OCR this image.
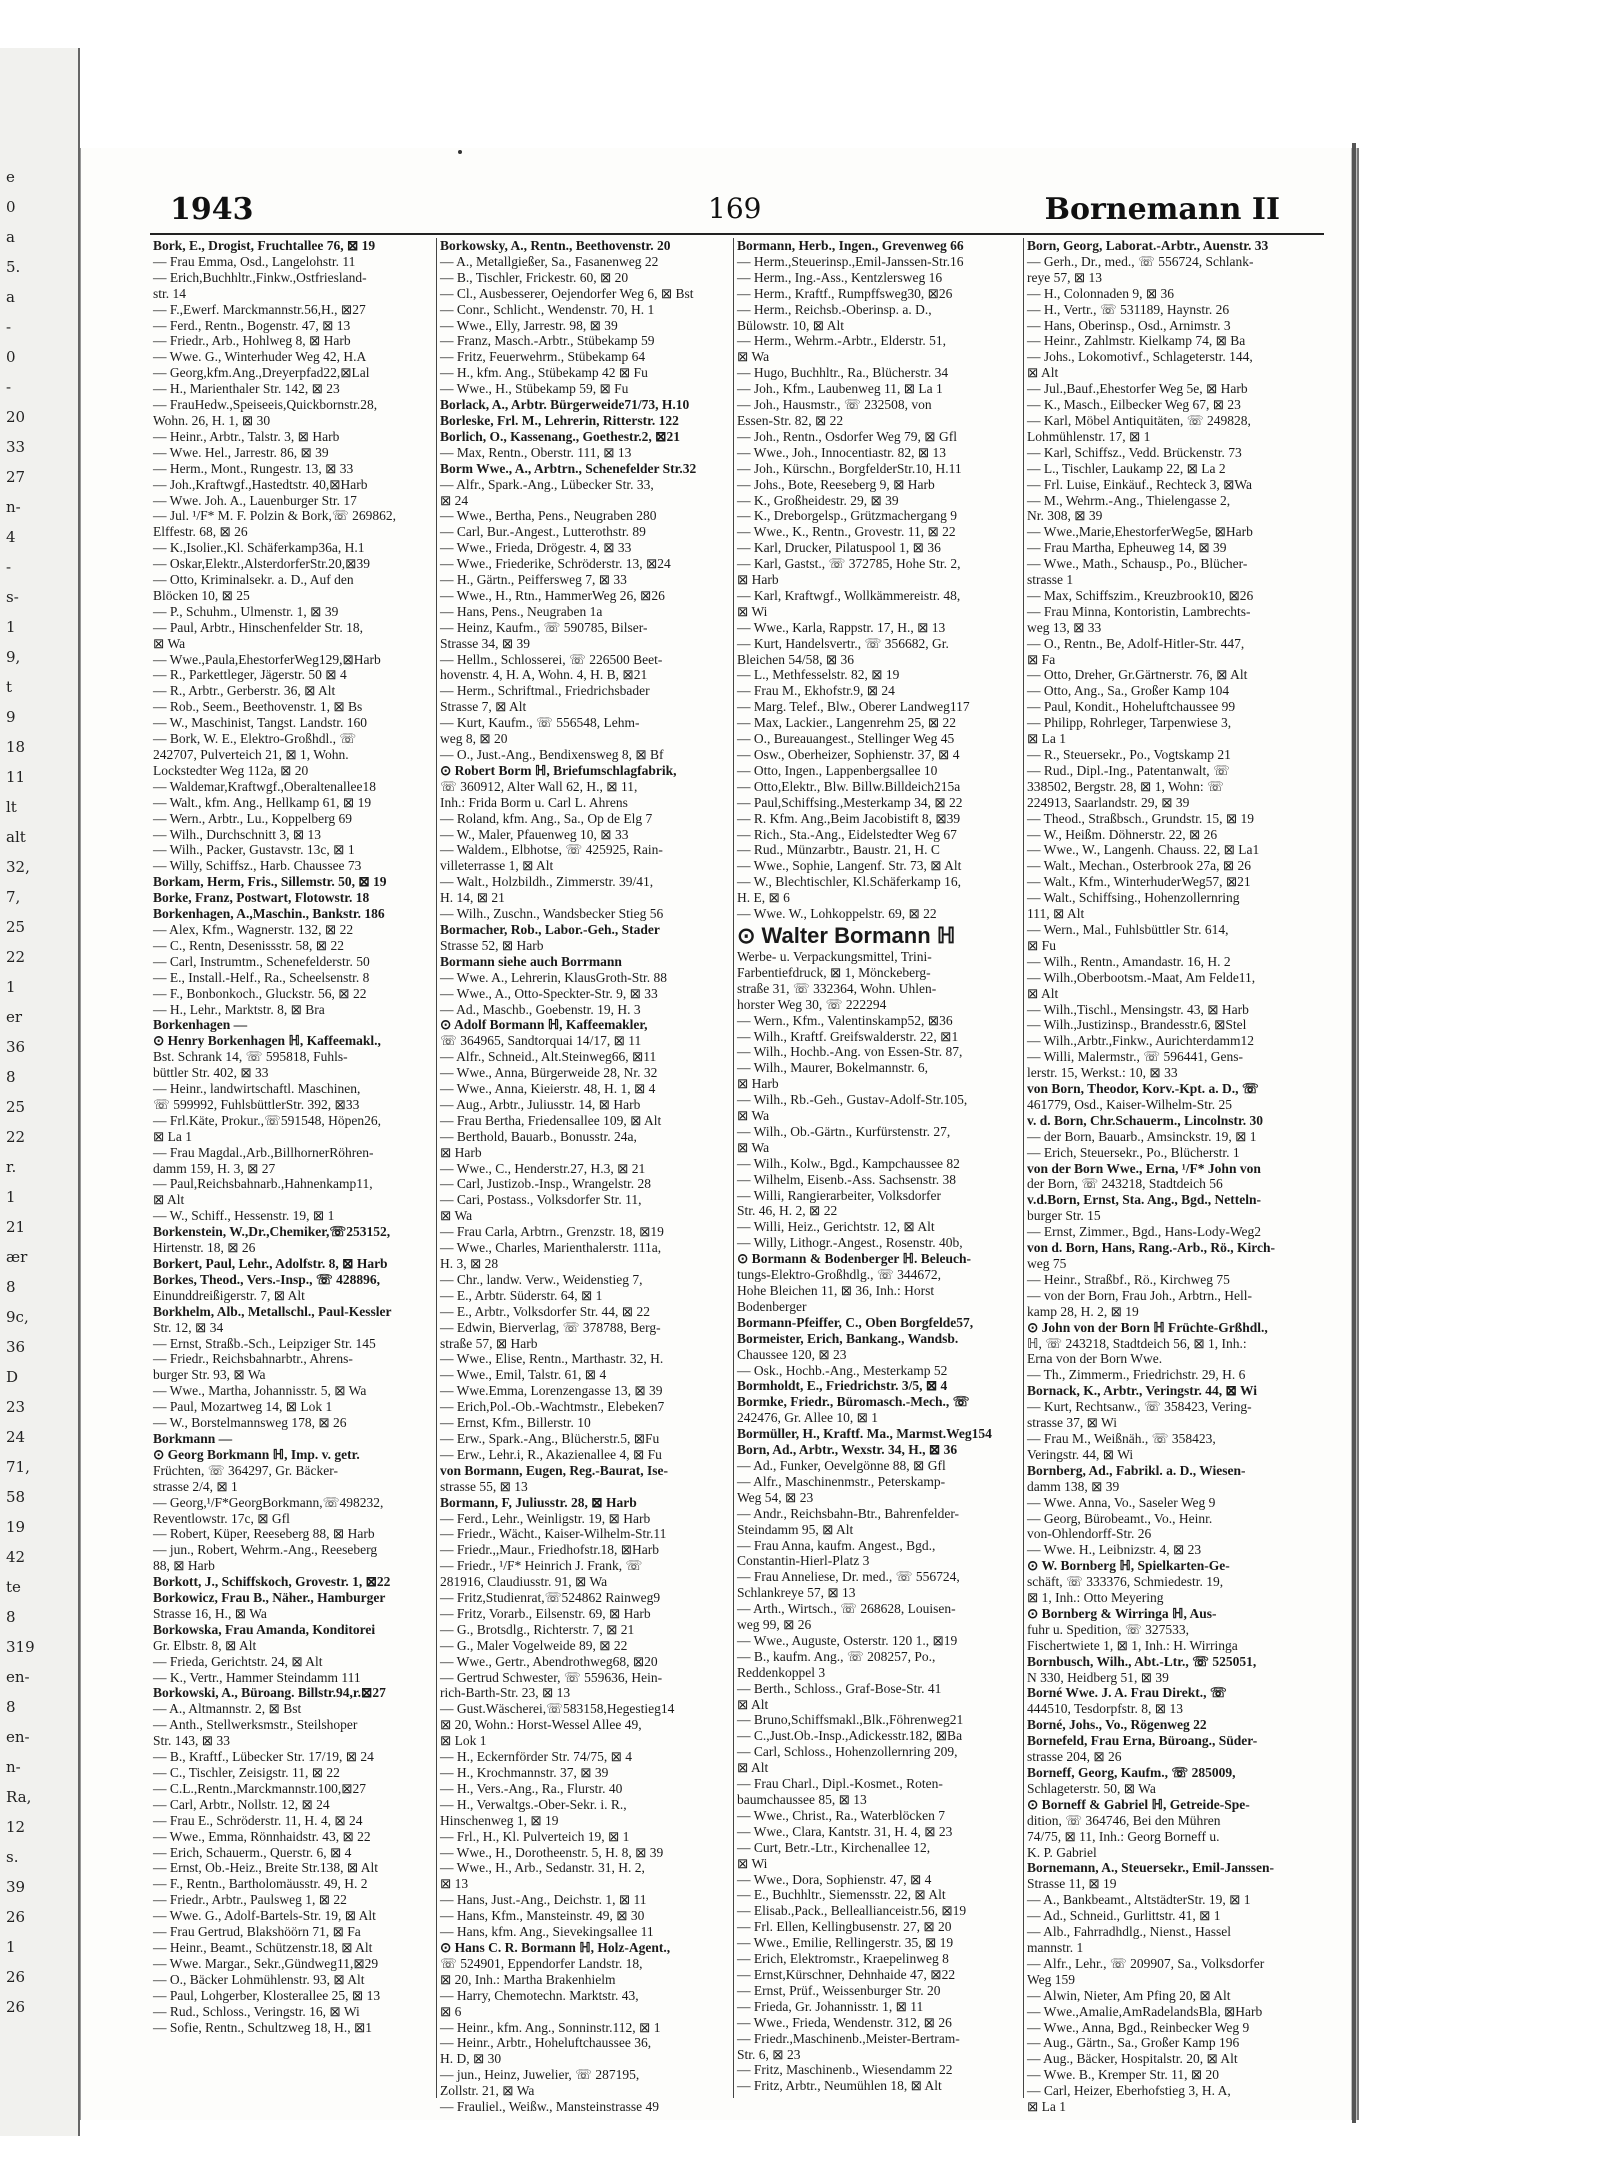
e
0
a
5.
a
-
0
-
20
33
27
n-
4
-
s-
1
9,
t
9
18
11
lt
alt
32,
7,
25
22
1
er
36
8
25
22
r.
1
21
ær
8
9c,
36
D
23
24
71,
58
19
42
te
8
319
en-
8
en-
n-
Ra,
12
s.
39
26
1
26
26
1943	169	Bornemann II

Bork, E., Drogist, Fruchtallee 76, ⊠ 19

— Frau Emma, Osd., Langelohstr. 11

— Erich,Buchhltr.,Finkw.,Ostfriesland-

str. 14

— F.,Ewerf. Marckmannstr.56,H., ⊠27

— Ferd., Rentn., Bogenstr. 47, ⊠ 13

— Friedr., Arb., Hohlweg 8, ⊠ Harb

— Wwe. G., Winterhuder Weg 42, H.A

— Georg,kfm.Ang.,Dreyerpfad22,⊠Lal

— H., Marienthaler Str. 142, ⊠ 23

— FrauHedw.,Speiseeis,Quickbornstr.28,

Wohn. 26, H. 1, ⊠ 30

— Heinr., Arbtr., Talstr. 3, ⊠ Harb

— Wwe. Hel., Jarrestr. 86, ⊠ 39

— Herm., Mont., Rungestr. 13, ⊠ 33

— Joh.,Kraftwgf.,Hastedtstr. 40,⊠Harb

— Wwe. Joh. A., Lauenburger Str. 17

— Jul. ¹/F* M. F. Polzin & Bork,☏ 269862,

Elffestr. 68, ⊠ 26

— K.,Isolier.,Kl. Schäferkamp36a, H.1

— Oskar,Elektr.,AlsterdorferStr.20,⊠39

— Otto, Kriminalsekr. a. D., Auf den

Blöcken 10, ⊠ 25

— P., Schuhm., Ulmenstr. 1, ⊠ 39

— Paul, Arbtr., Hinschenfelder Str. 18,

⊠ Wa

— Wwe.,Paula,EhestorferWeg129,⊠Harb

— R., Parkettleger, Jägerstr. 50 ⊠ 4

— R., Arbtr., Gerberstr. 36, ⊠ Alt

— Rob., Seem., Beethovenstr. 1, ⊠ Bs

— W., Maschinist, Tangst. Landstr. 160

— Bork, W. E., Elektro-Großhdl., ☏

242707, Pulverteich 21, ⊠ 1, Wohn.

Lockstedter Weg 112a, ⊠ 20

— Waldemar,Kraftwgf.,Oberaltenallee18

— Walt., kfm. Ang., Hellkamp 61, ⊠ 19

— Wern., Arbtr., Lu., Koppelberg 69

— Wilh., Durchschnitt 3, ⊠ 13

— Wilh., Packer, Gustavstr. 13c, ⊠ 1

— Willy, Schiffsz., Harb. Chaussee 73

Borkam, Herm, Fris., Sillemstr. 50, ⊠ 19

Borke, Franz, Postwart, Flotowstr. 18

Borkenhagen, A.,Maschin., Bankstr. 186

— Alex, Kfm., Wagnerstr. 132, ⊠ 22

— C., Rentn, Desenissstr. 58, ⊠ 22

— Carl, Instrumtm., Schenefelderstr. 50

— E., Install.-Helf., Ra., Scheelsenstr. 8

— F., Bonbonkoch., Gluckstr. 56, ⊠ 22

— H., Lehr., Marktstr. 8, ⊠ Bra

Borkenhagen —

⊙ Henry Borkenhagen ℍ, Kaffeemakl.,

Bst. Schrank 14, ☏ 595818, Fuhls-

büttler Str. 402, ⊠ 33

— Heinr., landwirtschaftl. Maschinen,

☏ 599992, FuhlsbüttlerStr. 392, ⊠33

— Frl.Käte, Prokur.,☏591548, Höpen26,

⊠ La 1

— Frau Magdal.,Arb.,BillhornerRöhren-

damm 159, H. 3, ⊠ 27

— Paul,Reichsbahnarb.,Hahnenkamp11,

⊠ Alt

— W., Schiff., Hessenstr. 19, ⊠ 1

Borkenstein, W.,Dr.,Chemiker,☏253152,

Hirtenstr. 18, ⊠ 26

Borkert, Paul, Lehr., Adolfstr. 8, ⊠ Harb

Borkes, Theod., Vers.-Insp., ☏ 428896,

Einunddreißigerstr. 7, ⊠ Alt

Borkhelm, Alb., Metallschl., Paul-Kessler

Str. 12, ⊠ 34

— Ernst, Straßb.-Sch., Leipziger Str. 145

— Friedr., Reichsbahnarbtr., Ahrens-

burger Str. 93, ⊠ Wa

— Wwe., Martha, Johannisstr. 5, ⊠ Wa

— Paul, Mozartweg 14, ⊠ Lok 1

— W., Borstelmannsweg 178, ⊠ 26

Borkmann —

⊙ Georg Borkmann ℍ, Imp. v. getr.

Früchten, ☏ 364297, Gr. Bäcker-

strasse 2/4, ⊠ 1

— Georg,¹/F*GeorgBorkmann,☏498232,

Reventlowstr. 17c, ⊠ Gfl

— Robert, Küper, Reeseberg 88, ⊠ Harb

— jun., Robert, Wehrm.-Ang., Reeseberg

88, ⊠ Harb

Borkott, J., Schiffskoch, Grovestr. 1, ⊠22

Borkowicz, Frau B., Näher., Hamburger

Strasse 16, H., ⊠ Wa

Borkowska, Frau Amanda, Konditorei

Gr. Elbstr. 8, ⊠ Alt

— Frieda, Gerichtstr. 24, ⊠ Alt

— K., Vertr., Hammer Steindamm 111

Borkowski, A., Büroang. Billstr.94,r.⊠27

— A., Altmannstr. 2, ⊠ Bst

— Anth., Stellwerksmstr., Steilshoper

Str. 143, ⊠ 33

— B., Kraftf., Lübecker Str. 17/19, ⊠ 24

— C., Tischler, Zeisigstr. 11, ⊠ 22

— C.L.,Rentn.,Marckmannstr.100,⊠27

— Carl, Arbtr., Nollstr. 12, ⊠ 24

— Frau E., Schröderstr. 11, H. 4, ⊠ 24

— Wwe., Emma, Rönnhaidstr. 43, ⊠ 22

— Erich, Schauerm., Querstr. 6, ⊠ 4

— Ernst, Ob.-Heiz., Breite Str.138, ⊠ Alt

— F., Rentn., Bartholomäusstr. 49, H. 2

— Friedr., Arbtr., Paulsweg 1, ⊠ 22

— Wwe. G., Adolf-Bartels-Str. 19, ⊠ Alt

— Frau Gertrud, Blakshöörn 71, ⊠ Fa

— Heinr., Beamt., Schützenstr.18, ⊠ Alt

— Wwe. Margar., Sekr.,Gündweg11,⊠29

— O., Bäcker Lohmühlenstr. 93, ⊠ Alt

— Paul, Lohgerber, Klosterallee 25, ⊠ 13

— Rud., Schloss., Veringstr. 16, ⊠ Wi

— Sofie, Rentn., Schultzweg 18, H., ⊠1

Borkowsky, A., Rentn., Beethovenstr. 20

— A., Metallgießer, Sa., Fasanenweg 22

— B., Tischler, Frickestr. 60, ⊠ 20

— Cl., Ausbesserer, Oejendorfer Weg 6, ⊠ Bst

— Conr., Schlicht., Wendenstr. 70, H. 1

— Wwe., Elly, Jarrestr. 98, ⊠ 39

— Franz, Masch.-Arbtr., Stübekamp 59

— Fritz, Feuerwehrm., Stübekamp 64

— H., kfm. Ang., Stübekamp 42 ⊠ Fu

— Wwe., H., Stübekamp 59, ⊠ Fu

Borlack, A., Arbtr. Bürgerweide71/73, H.10

Borleske, Frl. M., Lehrerin, Ritterstr. 122

Borlich, O., Kassenang., Goethestr.2, ⊠21

— Max, Rentn., Oberstr. 111, ⊠ 13

Borm Wwe., A., Arbtrn., Schenefelder Str.32

— Alfr., Spark.-Ang., Lübecker Str. 33,

⊠ 24

— Wwe., Bertha, Pens., Neugraben 280

— Carl, Bur.-Angest., Lutterothstr. 89

— Wwe., Frieda, Drögestr. 4, ⊠ 33

— Wwe., Friederike, Schröderstr. 13, ⊠24

— H., Gärtn., Peiffersweg 7, ⊠ 33

— Wwe., H., Rtn., HammerWeg 26, ⊠26

— Hans, Pens., Neugraben 1a

— Heinz, Kaufm., ☏ 590785, Bilser-

Strasse 34, ⊠ 39

— Hellm., Schlosserei, ☏ 226500 Beet-

hovenstr. 4, H. A, Wohn. 4, H. B, ⊠21

— Herm., Schriftmal., Friedrichsbader

Strasse 7, ⊠ Alt

— Kurt, Kaufm., ☏ 556548, Lehm-

weg 8, ⊠ 20

— O., Just.-Ang., Bendixensweg 8, ⊠ Bf

⊙ Robert Borm ℍ, Briefumschlagfabrik,

☏ 360912, Alter Wall 62, H., ⊠ 11,

Inh.: Frida Borm u. Carl L. Ahrens

— Roland, kfm. Ang., Sa., Op de Elg 7

— W., Maler, Pfauenweg 10, ⊠ 33

— Waldem., Elbhotse, ☏ 425925, Rain-

villeterrasse 1, ⊠ Alt

— Walt., Holzbildh., Zimmerstr. 39/41,

H. 14, ⊠ 21

— Wilh., Zuschn., Wandsbecker Stieg 56

Bormacher, Rob., Labor.-Geh., Stader

Strasse 52, ⊠ Harb

Bormann siehe auch Borrmann

— Wwe. A., Lehrerin, KlausGroth-Str. 88

— Wwe., A., Otto-Speckter-Str. 9, ⊠ 33

— Ad., Maschb., Goebenstr. 19, H. 3

⊙ Adolf Bormann ℍ, Kaffeemakler,

☏ 364965, Sandtorquai 14/17, ⊠ 11

— Alfr., Schneid., Alt.Steinweg66, ⊠11

— Wwe., Anna, Bürgerweide 28, Nr. 32

— Wwe., Anna, Kieierstr. 48, H. 1, ⊠ 4

— Aug., Arbtr., Juliusstr. 14, ⊠ Harb

— Frau Bertha, Friedensallee 109, ⊠ Alt

— Berthold, Bauarb., Bonusstr. 24a,

⊠ Harb

— Wwe., C., Henderstr.27, H.3, ⊠ 21

— Carl, Justizob.-Insp., Wrangelstr. 28

— Cari, Postass., Volksdorfer Str. 11,

⊠ Wa

— Frau Carla, Arbtrn., Grenzstr. 18, ⊠19

— Wwe., Charles, Marienthalerstr. 111a,

H. 3, ⊠ 28

— Chr., landw. Verw., Weidenstieg 7,

— E., Arbtr. Süderstr. 64, ⊠ 1

— E., Arbtr., Volksdorfer Str. 44, ⊠ 22

— Edwin, Bierverlag, ☏ 378788, Berg-

straße 57, ⊠ Harb

— Wwe., Elise, Rentn., Marthastr. 32, H.

— Wwe., Emil, Talstr. 61, ⊠ 4

— Wwe.Emma, Lorenzengasse 13, ⊠ 39

— Erich,Pol.-Ob.-Wachtmstr., Elebeken7

— Ernst, Kfm., Billerstr. 10

— Erw., Spark.-Ang., Blücherstr.5, ⊠Fu

— Erw., Lehr.i, R., Akazienallee 4, ⊠ Fu

von Bormann, Eugen, Reg.-Baurat, Ise-

strasse 55, ⊠ 13

Bormann, F, Juliusstr. 28, ⊠ Harb

— Ferd., Lehr., Weinligstr. 19, ⊠ Harb

— Friedr., Wächt., Kaiser-Wilhelm-Str.11

— Friedr.,,Maur., Friedhofstr.18, ⊠Harb

— Friedr., ¹/F* Heinrich J. Frank, ☏

281916, Claudiusstr. 91, ⊠ Wa

— Fritz,Studienrat,☏524862 Rainweg9

— Fritz, Vorarb., Eilsenstr. 69, ⊠ Harb

— G., Brotsdlg., Richterstr. 7, ⊠ 21

— G., Maler Vogelweide 89, ⊠ 22

— Wwe., Gertr., Abendrothweg68, ⊠20

— Gertrud Schwester, ☏ 559636, Hein-

rich-Barth-Str. 23, ⊠ 13

— Gust.Wäscherei,☏583158,Hegestieg14

⊠ 20, Wohn.: Horst-Wessel Allee 49,

⊠ Lok 1

— H., Eckernförder Str. 74/75, ⊠ 4

— H., Krochmannstr. 37, ⊠ 39

— H., Vers.-Ang., Ra., Flurstr. 40

— H., Verwaltgs.-Ober-Sekr. i. R.,

Hinschenweg 1, ⊠ 19

— Frl., H., Kl. Pulverteich 19, ⊠ 1

— Wwe., H., Dorotheenstr. 5, H. 8, ⊠ 39

— Wwe., H., Arb., Sedanstr. 31, H. 2,

⊠ 13

— Hans, Just.-Ang., Deichstr. 1, ⊠ 11

— Hans, Kfm., Mansteinstr. 49, ⊠ 30

— Hans, kfm. Ang., Sievekingsallee 11

⊙ Hans C. R. Bormann ℍ, Holz-Agent.,

☏ 524901, Eppendorfer Landstr. 18,

⊠ 20, Inh.: Martha Brakenhielm

— Harry, Chemotechn. Marktstr. 43,

⊠ 6

— Heinr., kfm. Ang., Sonninstr.112, ⊠ 1

— Heinr., Arbtr., Hoheluftchaussee 36,

H. D, ⊠ 30

— jun., Heinz, Juwelier, ☏ 287195,

Zollstr. 21, ⊠ Wa

— Frauliel., Weißw., Mansteinstrasse 49

Bormann, Herb., Ingen., Grevenweg 66

— Herm.,Steuerinsp.,Emil-Janssen-Str.16

— Herm., Ing.-Ass., Kentzlersweg 16

— Herm., Kraftf., Rumpffsweg30, ⊠26

— Herm., Reichsb.-Oberinsp. a. D.,

Bülowstr. 10, ⊠ Alt

— Herm., Wehrm.-Arbtr., Elderstr. 51,

⊠ Wa

— Hugo, Buchhltr., Ra., Blücherstr. 34

— Joh., Kfm., Laubenweg 11, ⊠ La 1

— Joh., Hausmstr., ☏ 232508, von

Essen-Str. 82, ⊠ 22

— Joh., Rentn., Osdorfer Weg 79, ⊠ Gfl

— Wwe., Joh., Innocentiastr. 82, ⊠ 13

— Joh., Kürschn., BorgfelderStr.10, H.11

— Johs., Bote, Reeseberg 9, ⊠ Harb

— K., Großheidestr. 29, ⊠ 39

— K., Dreborgelsp., Grützmachergang 9

— Wwe., K., Rentn., Grovestr. 11, ⊠ 22

— Karl, Drucker, Pilatuspool 1, ⊠ 36

— Karl, Gastst., ☏ 372785, Hohe Str. 2,

⊠ Harb

— Karl, Kraftwgf., Wollkämmereistr. 48,

⊠ Wi

— Wwe., Karla, Rappstr. 17, H., ⊠ 13

— Kurt, Handelsvertr., ☏ 356682, Gr.

Bleichen 54/58, ⊠ 36

— L., Methfesselstr. 82, ⊠ 19

— Frau M., Ekhofstr.9, ⊠ 24

— Marg. Telef., Blw., Oberer Landweg117

— Max, Lackier., Langenrehm 25, ⊠ 22

— O., Bureauangest., Stellinger Weg 45

— Osw., Oberheizer, Sophienstr. 37, ⊠ 4

— Otto, Ingen., Lappenbergsallee 10

— Otto,Elektr., Blw. Billw.Billdeich215a

— Paul,Schiffsing.,Mesterkamp 34, ⊠ 22

— R. Kfm. Ang.,Beim Jacobistift 8, ⊠39

— Rich., Sta.-Ang., Eidelstedter Weg 67

— Rud., Münzarbtr., Baustr. 21, H. C

— Wwe., Sophie, Langenf. Str. 73, ⊠ Alt

— W., Blechtischler, Kl.Schäferkamp 16,

H. E, ⊠ 6

— Wwe. W., Lohkoppelstr. 69, ⊠ 22

⊙ Walter Bormann ℍ

Werbe- u. Verpackungsmittel, Trini-

Farbentiefdruck, ⊠ 1, Mönckeberg-

straße 31, ☏ 332364, Wohn. Uhlen-

horster Weg 30, ☏ 222294

— Wern., Kfm., Valentinskamp52, ⊠36

— Wilh., Kraftf. Greifswalderstr. 22, ⊠1

— Wilh., Hochb.-Ang. von Essen-Str. 87,

— Wilh., Maurer, Bokelmannstr. 6,

⊠ Harb

— Wilh., Rb.-Geh., Gustav-Adolf-Str.105,

⊠ Wa

— Wilh., Ob.-Gärtn., Kurfürstenstr. 27,

⊠ Wa

— Wilh., Kolw., Bgd., Kampchaussee 82

— Wilhelm, Eisenb.-Ass. Sachsenstr. 38

— Willi, Rangierarbeiter, Volksdorfer

Str. 46, H. 2, ⊠ 22

— Willi, Heiz., Gerichtstr. 12, ⊠ Alt

— Willy, Lithogr.-Angest., Rosenstr. 40b,

⊙ Bormann & Bodenberger ℍ. Beleuch-

tungs-Elektro-Großhdlg., ☏ 344672,

Hohe Bleichen 11, ⊠ 36, Inh.: Horst

Bodenberger

Bormann-Pfeiffer, C., Oben Borgfelde57,

Bormeister, Erich, Bankang., Wandsb.

Chaussee 120, ⊠ 23

— Osk., Hochb.-Ang., Mesterkamp 52

Bormholdt, E., Friedrichstr. 3/5, ⊠ 4

Bormke, Friedr., Büromasch.-Mech., ☏

242476, Gr. Allee 10, ⊠ 1

Bormüller, H., Kraftf. Ma., Marmst.Weg154

Born, Ad., Arbtr., Wexstr. 34, H., ⊠ 36

— Ad., Funker, Oevelgönne 88, ⊠ Gfl

— Alfr., Maschinenmstr., Peterskamp-

Weg 54, ⊠ 23

— Andr., Reichsbahn-Btr., Bahrenfelder-

Steindamm 95, ⊠ Alt

— Frau Anna, kaufm. Angest., Bgd.,

Constantin-Hierl-Platz 3

— Frau Anneliese, Dr. med., ☏ 556724,

Schlankreye 57, ⊠ 13

— Arth., Wirtsch., ☏ 268628, Louisen-

weg 99, ⊠ 26

— Wwe., Auguste, Osterstr. 120 1., ⊠19

— B., kaufm. Ang., ☏ 208257, Po.,

Reddenkoppel 3

— Berth., Schloss., Graf-Bose-Str. 41

⊠ Alt

— Bruno,Schiffsmakl.,Blk.,Föhrenweg21

— C.,Just.Ob.-Insp.,Adickesstr.182, ⊠Ba

— Carl, Schloss., Hohenzollernring 209,

⊠ Alt

— Frau Charl., Dipl.-Kosmet., Roten-

baumchaussee 85, ⊠ 13

— Wwe., Christ., Ra., Waterblöcken 7

— Wwe., Clara, Kantstr. 31, H. 4, ⊠ 23

— Curt, Betr.-Ltr., Kirchenallee 12,

⊠ Wi

— Wwe., Dora, Sophienstr. 47, ⊠ 4

— E., Buchhltr., Siemensstr. 22, ⊠ Alt

— Elisab.,Pack., Belleallianceistr.56, ⊠19

— Frl. Ellen, Kellingbusenstr. 27, ⊠ 20

— Wwe., Emilie, Rellingerstr. 35, ⊠ 19

— Erich, Elektromstr., Kraepelinweg 8

— Ernst,Kürschner, Dehnhaide 47, ⊠22

— Ernst, Prüf., Weissenburger Str. 20

— Frieda, Gr. Johannisstr. 1, ⊠ 11

— Wwe., Frieda, Wendenstr. 312, ⊠ 26

— Friedr.,Maschinenb.,Meister-Bertram-

Str. 6, ⊠ 23

— Fritz, Maschinenb., Wiesendamm 22

— Fritz, Arbtr., Neumühlen 18, ⊠ Alt

Born, Georg, Laborat.-Arbtr., Auenstr. 33

— Gerh., Dr., med., ☏ 556724, Schlank-

reye 57, ⊠ 13

— H., Colonnaden 9, ⊠ 36

— H., Vertr., ☏ 531189, Haynstr. 26

— Hans, Oberinsp., Osd., Arnimstr. 3

— Heinr., Zahlmstr. Kielkamp 74, ⊠ Ba

— Johs., Lokomotivf., Schlageterstr. 144,

⊠ Alt

— Jul.,Bauf.,Ehestorfer Weg 5e, ⊠ Harb

— K., Masch., Eilbecker Weg 67, ⊠ 23

— Karl, Möbel Antiquitäten, ☏ 249828,

Lohmühlenstr. 17, ⊠ 1

— Karl, Schiffsz., Vedd. Brückenstr. 73

— L., Tischler, Laukamp 22, ⊠ La 2

— Frl. Luise, Einkäuf., Rechteck 3, ⊠Wa

— M., Wehrm.-Ang., Thielengasse 2,

Nr. 308, ⊠ 39

— Wwe.,Marie,EhestorferWeg5e, ⊠Harb

— Frau Martha, Epheuweg 14, ⊠ 39

— Wwe., Math., Schausp., Po., Blücher-

strasse 1

— Max, Schiffszim., Kreuzbrook10, ⊠26

— Frau Minna, Kontoristin, Lambrechts-

weg 13, ⊠ 33

— O., Rentn., Be, Adolf-Hitler-Str. 447,

⊠ Fa

— Otto, Dreher, Gr.Gärtnerstr. 76, ⊠ Alt

— Otto, Ang., Sa., Großer Kamp 104

— Paul, Kondit., Hoheluftchaussee 99

— Philipp, Rohrleger, Tarpenwiese 3,

⊠ La 1

— R., Steuersekr., Po., Vogtskamp 21

— Rud., Dipl.-Ing., Patentanwalt, ☏

338502, Bergstr. 28, ⊠ 1, Wohn: ☏

224913, Saarlandstr. 29, ⊠ 39

— Theod., Straßbsch., Grundstr. 15, ⊠ 19

— W., Heißm. Döhnerstr. 22, ⊠ 26

— Wwe., W., Langenh. Chauss. 22, ⊠ La1

— Walt., Mechan., Osterbrook 27a, ⊠ 26

— Walt., Kfm., WinterhuderWeg57, ⊠21

— Walt., Schiffsing., Hohenzollernring

111, ⊠ Alt

— Wern., Mal., Fuhlsbüttler Str. 614,

⊠ Fu

— Wilh., Rentn., Amandastr. 16, H. 2

— Wilh.,Oberbootsm.-Maat, Am Felde11,

⊠ Alt

— Wilh.,Tischl., Mensingstr. 43, ⊠ Harb

— Wilh.,Justizinsp., Brandesstr.6, ⊠Stel

— Wilh.,Arbtr.,Finkw., Aurichterdamm12

— Willi, Malermstr., ☏ 596441, Gens-

lerstr. 15, Werkst.: 10, ⊠ 33

von Born, Theodor, Korv.-Kpt. a. D., ☏

461779, Osd., Kaiser-Wilhelm-Str. 25

v. d. Born, Chr.Schauerm., Lincolnstr. 30

— der Born, Bauarb., Amsinckstr. 19, ⊠ 1

— Erich, Steuersekr., Po., Blücherstr. 1

von der Born Wwe., Erna, ¹/F* John von

der Born, ☏ 243218, Stadtdeich 56

v.d.Born, Ernst, Sta. Ang., Bgd., Netteln-

burger Str. 15

— Ernst, Zimmer., Bgd., Hans-Lody-Weg2

von d. Born, Hans, Rang.-Arb., Rö., Kirch-

weg 75

— Heinr., Straßbf., Rö., Kirchweg 75

— von der Born, Frau Joh., Arbtrn., Hell-

kamp 28, H. 2, ⊠ 19

⊙ John von der Born ℍ Früchte-Grßhdl.,

ℍ, ☏ 243218, Stadtdeich 56, ⊠ 1, Inh.:

Erna von der Born Wwe.

— Th., Zimmerm., Friedrichstr. 29, H. 6

Bornack, K., Arbtr., Veringstr. 44, ⊠ Wi

— Kurt, Rechtsanw., ☏ 358423, Vering-

strasse 37, ⊠ Wi

— Frau M., Weißnäh., ☏ 358423,

Veringstr. 44, ⊠ Wi

Bornberg, Ad., Fabrikl. a. D., Wiesen-

damm 138, ⊠ 39

— Wwe. Anna, Vo., Saseler Weg 9

— Georg, Bürobeamt., Vo., Heinr.

von-Ohlendorff-Str. 26

— Wwe. H., Leibnizstr. 4, ⊠ 23

⊙ W. Bornberg ℍ, Spielkarten-Ge-

schäft, ☏ 333376, Schmiedestr. 19,

⊠ 1, Inh.: Otto Meyering

⊙ Bornberg & Wirringa ℍ, Aus-

fuhr u. Spedition, ☏ 327533,

Fischertwiete 1, ⊠ 1, Inh.: H. Wirringa

Bornbusch, Wilh., Abt.-Ltr., ☏ 525051,

N 330, Heidberg 51, ⊠ 39

Borné Wwe. J. A. Frau Direkt., ☏

444510, Tesdorpfstr. 8, ⊠ 13

Borné, Johs., Vo., Rögenweg 22

Bornefeld, Frau Erna, Büroang., Süder-

strasse 204, ⊠ 26

Borneff, Georg, Kaufm., ☏ 285009,

Schlageterstr. 50, ⊠ Wa

⊙ Borneff & Gabriel ℍ, Getreide-Spe-

dition, ☏ 364746, Bei den Mühren

74/75, ⊠ 11, Inh.: Georg Borneff u.

K. P. Gabriel

Bornemann, A., Steuersekr., Emil-Janssen-

Strasse 11, ⊠ 19

— A., Bankbeamt., AltstädterStr. 19, ⊠ 1

— Ad., Schneid., Gurlittstr. 41, ⊠ 1

— Alb., Fahrradhdlg., Nienst., Hassel

mannstr. 1

— Alfr., Lehr., ☏ 209907, Sa., Volksdorfer

Weg 159

— Alwin, Nieter, Am Pfing 20, ⊠ Alt

— Wwe.,Amalie,AmRadelandsBla, ⊠Harb

— Wwe., Anna, Bgd., Reinbecker Weg 9

— Aug., Gärtn., Sa., Großer Kamp 196

— Aug., Bäcker, Hospitalstr. 20, ⊠ Alt

— Wwe. B., Kremper Str. 11, ⊠ 20

— Carl, Heizer, Eberhofstieg 3, H. A,

⊠ La 1
